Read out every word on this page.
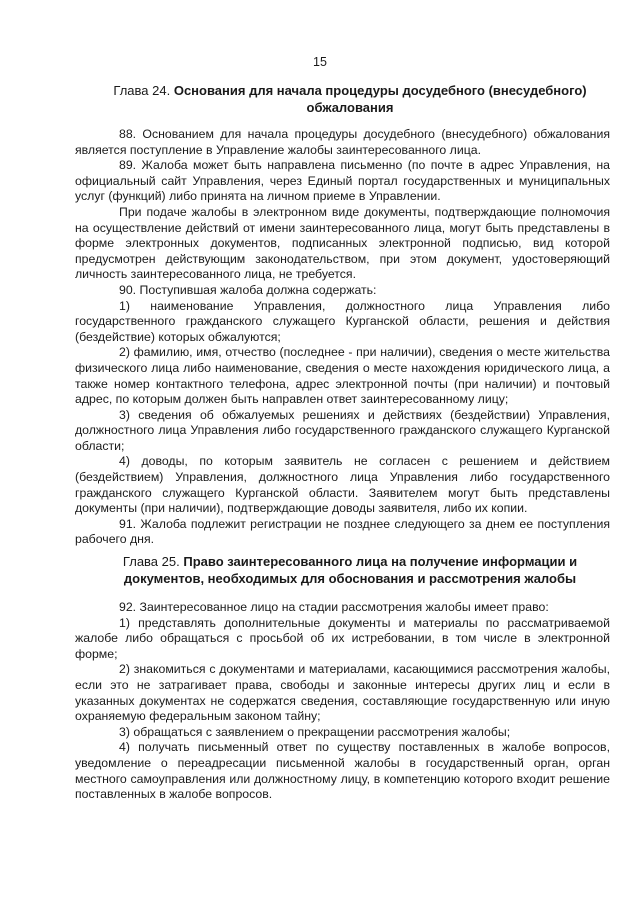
15
Глава 24. Основания для начала процедуры досудебного (внесудебного) обжалования

88. Основанием для начала процедуры досудебного (внесудебного) обжалования является поступление в Управление жалобы заинтересованного лица.

89. Жалоба может быть направлена письменно (по почте в адрес Управления, на официальный сайт Управления, через Единый портал государственных и муниципальных услуг (функций) либо принята на личном приеме в Управлении.

При подаче жалобы в электронном виде документы, подтверждающие полномочия на осуществление действий от имени заинтересованного лица, могут быть представлены в форме электронных документов, подписанных электронной подписью, вид которой предусмотрен действующим законодательством, при этом документ, удостоверяющий личность заинтересованного лица, не требуется.

90. Поступившая жалоба должна содержать:

1) наименование Управления, должностного лица Управления либо государственного гражданского служащего Курганской области, решения и действия (бездействие) которых обжалуются;

2) фамилию, имя, отчество (последнее - при наличии), сведения о месте жительства физического лица либо наименование, сведения о месте нахождения юридического лица, а также номер контактного телефона, адрес электронной почты (при наличии) и почтовый адрес, по которым должен быть направлен ответ заинтересованному лицу;

3) сведения об обжалуемых решениях и действиях (бездействии) Управления, должностного лица Управления либо государственного гражданского служащего Курганской области;

4) доводы, по которым заявитель не согласен с решением и действием (бездействием) Управления, должностного лица Управления либо государственного гражданского служащего Курганской области. Заявителем могут быть представлены документы (при наличии), подтверждающие доводы заявителя, либо их копии.

91. Жалоба подлежит регистрации не позднее следующего за днем ее поступления рабочего дня.

Глава 25. Право заинтересованного лица на получение информации и документов, необходимых для обоснования и рассмотрения жалобы

92. Заинтересованное лицо на стадии рассмотрения жалобы имеет право:

1) представлять дополнительные документы и материалы по рассматриваемой жалобе либо обращаться с просьбой об их истребовании, в том числе в электронной форме;

2) знакомиться с документами и материалами, касающимися рассмотрения жалобы, если это не затрагивает права, свободы и законные интересы других лиц и если в указанных документах не содержатся сведения, составляющие государственную или иную охраняемую федеральным законом тайну;

3) обращаться с заявлением о прекращении рассмотрения жалобы;

4) получать письменный ответ по существу поставленных в жалобе вопросов, уведомление о переадресации письменной жалобы в государственный орган, орган местного самоуправления или должностному лицу, в компетенцию которого входит решение поставленных в жалобе вопросов.
